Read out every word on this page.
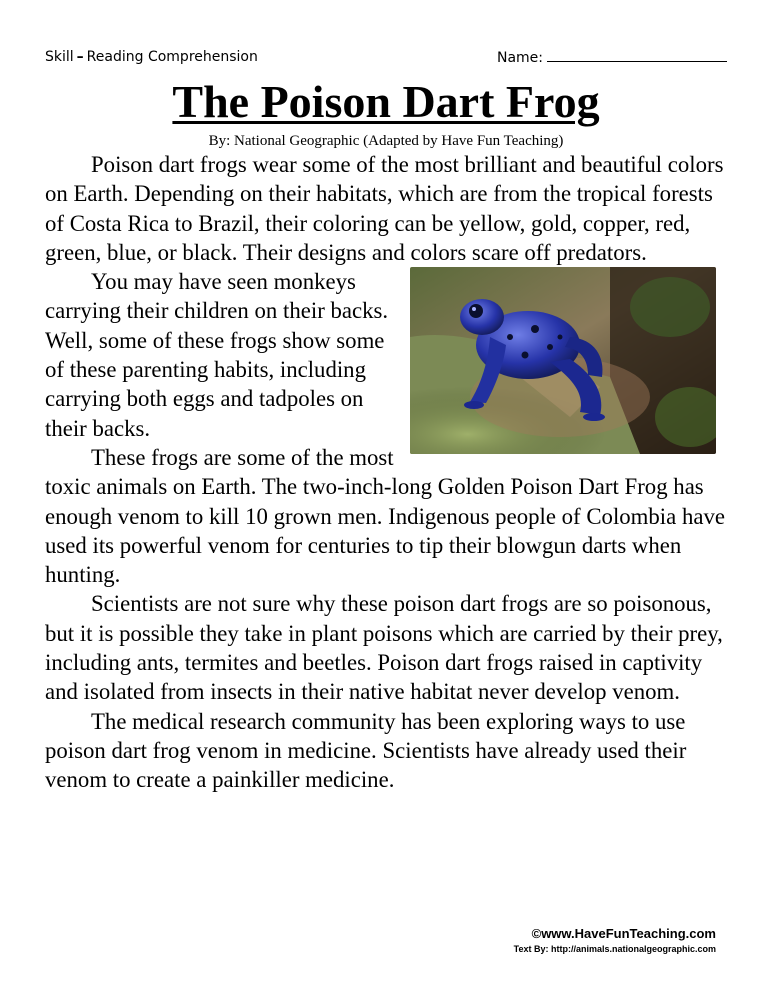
Skill – Reading Comprehension	Name:
The Poison Dart Frog
By: National Geographic (Adapted by Have Fun Teaching)

Poison dart frogs wear some of the most brilliant and beautiful colors on Earth. Depending on their habitats, which are from the tropical forests of Costa Rica to Brazil, their coloring can be yellow, gold, copper, red, green, blue, or black. Their designs and colors scare off predators.

You may have seen monkeys carrying their children on their backs. Well, some of these frogs show some of these parenting habits, including carrying both eggs and tadpoles on their backs.

These frogs are some of the most toxic animals on Earth. The two-inch-long Golden Poison Dart Frog has enough venom to kill 10 grown men. Indigenous people of Colombia have used its powerful venom for centuries to tip their blowgun darts when hunting.

Scientists are not sure why these poison dart frogs are so poisonous, but it is possible they take in plant poisons which are carried by their prey, including ants, termites and beetles. Poison dart frogs raised in captivity and isolated from insects in their native habitat never develop venom.

The medical research community has been exploring ways to use poison dart frog venom in medicine. Scientists have already used their venom to create a painkiller medicine.

©www.HaveFunTeaching.com
Text By: http://animals.nationalgeographic.com
